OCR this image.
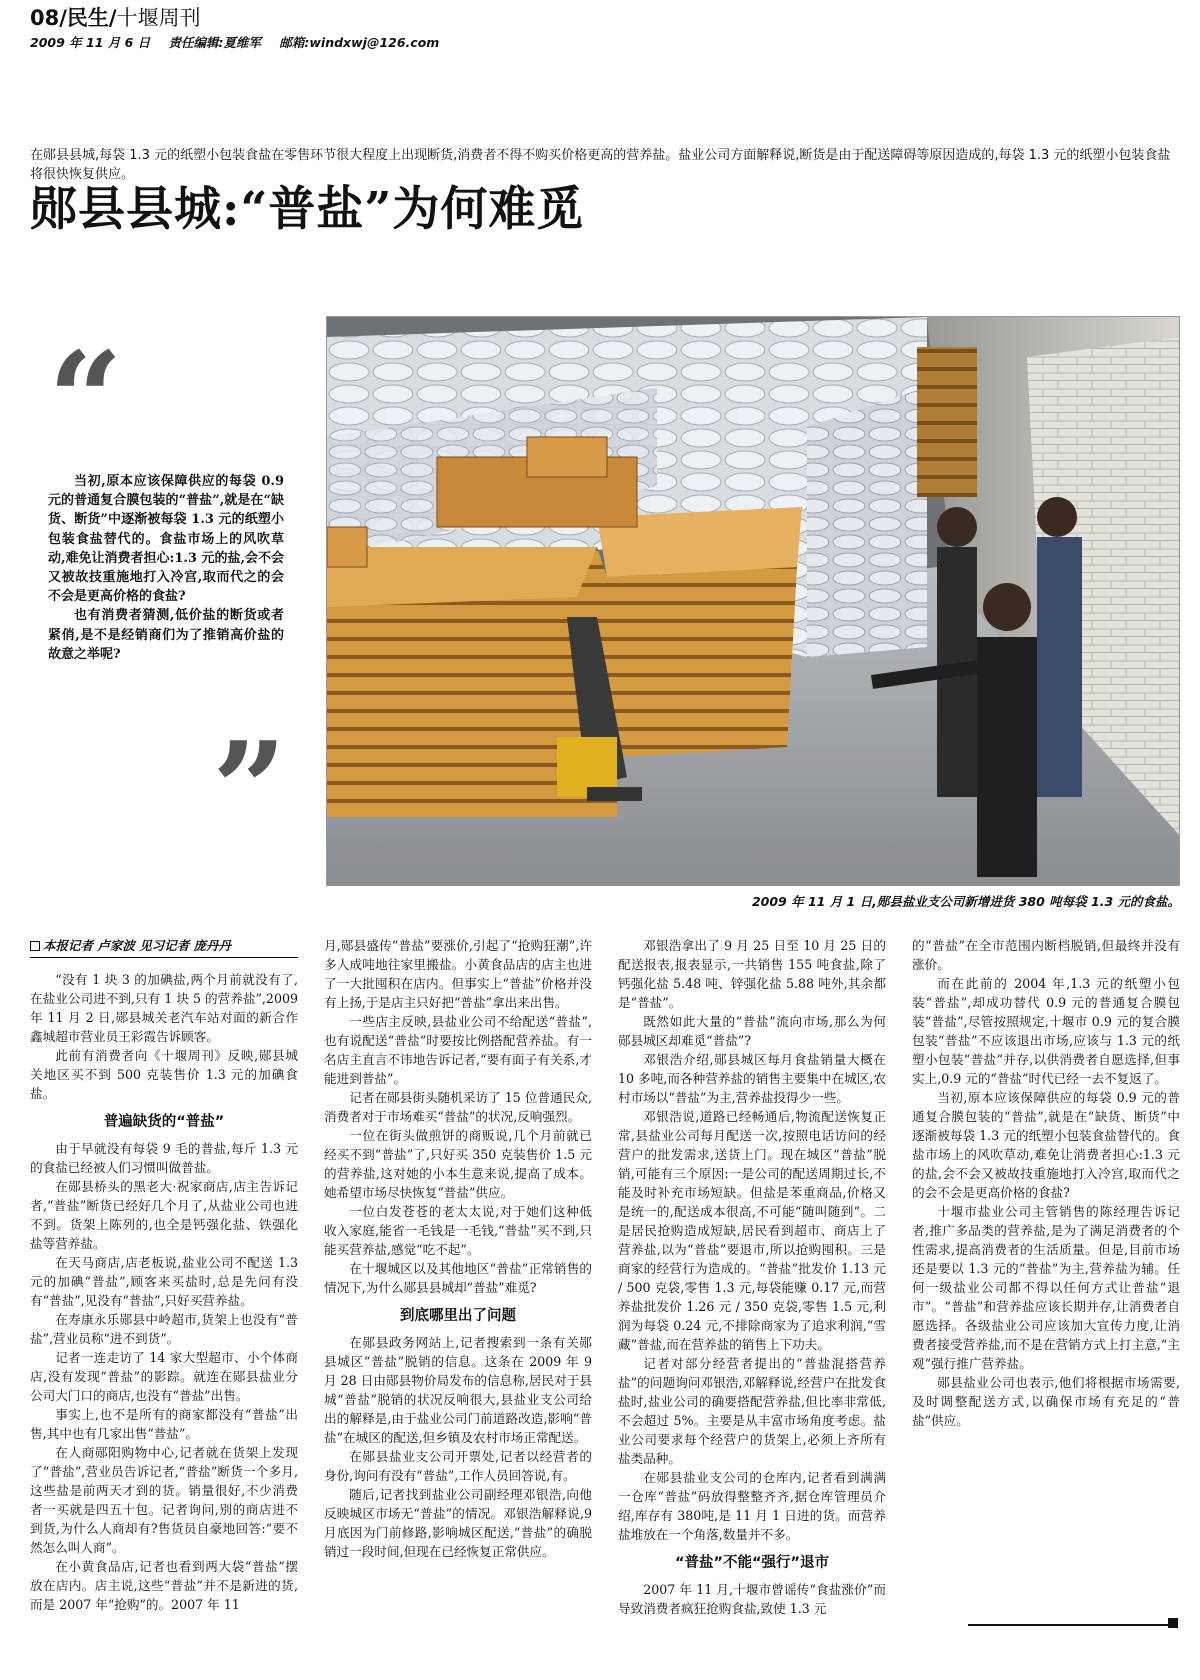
08/民生/十堰周刊
2009 年 11 月 6 日 责任编辑:夏维军 邮箱:windxwj@126.com
在郧县县城,每袋 1.3 元的纸塑小包装食盐在零售环节很大程度上出现断货,消费者不得不购买价格更高的营养盐。盐业公司方面解释说,断货是由于配送障碍等原因造成的,每袋 1.3 元的纸塑小包装食盐将很快恢复供应。
郧县县城:“普盐”为何难觅
“

当初,原本应该保障供应的每袋 0.9 元的普通复合膜包装的“普盐”,就是在“缺货、断货”中逐渐被每袋 1.3 元的纸塑小包装食盐替代的。食盐市场上的风吹草动,难免让消费者担心:1.3 元的盐,会不会又被故技重施地打入冷宫,取而代之的会不会是更高价格的食盐?

也有消费者猜测,低价盐的断货或者紧俏,是不是经销商们为了推销高价盐的故意之举呢?

”
2009 年 11 月 1 日,郧县盐业支公司新增进货 380 吨每袋 1.3 元的食盐。
本报记者 卢家波 见习记者 庞丹丹

“没有 1 块 3 的加碘盐,两个月前就没有了,在盐业公司进不到,只有 1 块 5 的营养盐”,2009 年 11 月 2 日,郧县城关老汽车站对面的新合作鑫城超市营业员王彩霞告诉顾客。

此前有消费者向《十堰周刊》反映,郧县城关地区买不到 500 克装售价 1.3 元的加碘食盐。

普遍缺货的“普盐”

由于早就没有每袋 9 毛的普盐,每斤 1.3 元的食盐已经被人们习惯叫做普盐。

在郧县桥头的黑老大·祝家商店,店主告诉记者,“普盐”断货已经好几个月了,从盐业公司也进不到。货架上陈列的,也全是钙强化盐、铁强化盐等营养盐。

在天马商店,店老板说,盐业公司不配送 1.3 元的加碘“普盐”,顾客来买盐时,总是先问有没有“普盐”,见没有“普盐”,只好买营养盐。

在寿康永乐郧县中岭超市,货架上也没有“普盐”,营业员称“进不到货”。

记者一连走访了 14 家大型超市、小个体商店,没有发现“普盐”的影踪。就连在郧县盐业分公司大门口的商店,也没有“普盐”出售。

事实上,也不是所有的商家都没有“普盐”出售,其中也有几家出售“普盐”。

在人商郧阳购物中心,记者就在货架上发现了“普盐”,营业员告诉记者,“普盐”断货一个多月,这些盐是前两天才到的货。销量很好,不少消费者一买就是四五十包。记者询问,别的商店进不到货,为什么人商却有?售货员自豪地回答:“要不然怎么叫人商”。

在小黄食品店,记者也看到两大袋“普盐”摆放在店内。店主说,这些“普盐”并不是新进的货,而是 2007 年“抢购”的。2007 年 11

月,郧县盛传“普盐”要涨价,引起了“抢购狂潮”,许多人成吨地往家里搬盐。小黄食品店的店主也进了一大批囤积在店内。但事实上“普盐”价格并没有上扬,于是店主只好把“普盐”拿出来出售。

一些店主反映,县盐业公司不给配送“普盐”,也有说配送“普盐”时要按比例搭配营养盐。有一名店主直言不讳地告诉记者,“要有面子有关系,才能进到普盐”。

记者在郧县街头随机采访了 15 位普通民众,消费者对于市场难买“普盐”的状况,反响强烈。

一位在街头做煎饼的商贩说,几个月前就已经买不到“普盐”了,只好买 350 克装售价 1.5 元的营养盐,这对她的小本生意来说,提高了成本。她希望市场尽快恢复“普盐”供应。

一位白发苍苍的老太太说,对于她们这种低收入家庭,能省一毛钱是一毛钱,“普盐”买不到,只能买营养盐,感觉“吃不起”。

在十堰城区以及其他地区“普盐”正常销售的情况下,为什么郧县县城却“普盐”难觅?

到底哪里出了问题

在郧县政务网站上,记者搜索到一条有关郧县城区“普盐”脱销的信息。这条在 2009 年 9 月 28 日由郧县物价局发布的信息称,居民对于县城“普盐”脱销的状况反响很大,县盐业支公司给出的解释是,由于盐业公司门前道路改造,影响“普盐”在城区的配送,但乡镇及农村市场正常配送。

在郧县盐业支公司开票处,记者以经营者的身份,询问有没有“普盐”,工作人员回答说,有。

随后,记者找到盐业公司副经理邓银浩,向他反映城区市场无“普盐”的情况。邓银浩解释说,9 月底因为门前修路,影响城区配送,“普盐”的确脱销过一段时间,但现在已经恢复正常供应。

邓银浩拿出了 9 月 25 日至 10 月 25 日的配送报表,报表显示,一共销售 155 吨食盐,除了钙强化盐 5.48 吨、锌强化盐 5.88 吨外,其余都是“普盐”。

既然如此大量的“普盐”流向市场,那么为何郧县城区却难觅“普盐”?

邓银浩介绍,郧县城区每月食盐销量大概在 10 多吨,而各种营养盐的销售主要集中在城区,农村市场以“普盐”为主,营养盐投得少一些。

邓银浩说,道路已经畅通后,物流配送恢复正常,县盐业公司每月配送一次,按照电话访问的经营户的批发需求,送货上门。现在城区“普盐”脱销,可能有三个原因:一是公司的配送周期过长,不能及时补充市场短缺。但盐是苯重商品,价格又是统一的,配送成本很高,不可能“随叫随到”。二是居民抢购造成短缺,居民看到超市、商店上了营养盐,以为“普盐”要退市,所以抢购囤积。三是商家的经营行为造成的。“普盐”批发价 1.13 元 / 500 克袋,零售 1.3 元,每袋能赚 0.17 元,而营养盐批发价 1.26 元 / 350 克袋,零售 1.5 元,利润为每袋 0.24 元,不排除商家为了追求利润,“雪藏”普盐,而在营养盐的销售上下功夫。

记者对部分经营者提出的“普盐混搭营养盐”的问题询问邓银浩,邓解释说,经营户在批发食盐时,盐业公司的确要搭配营养盐,但比率非常低,不会超过 5%。主要是从丰富市场角度考虑。盐业公司要求每个经营户的货架上,必须上齐所有盐类品种。

在郧县盐业支公司的仓库内,记者看到满满一仓库“普盐”码放得整整齐齐,据仓库管理员介绍,库存有 380吨,是 11 月 1 日进的货。而营养盐堆放在一个角落,数量并不多。

“普盐”不能“强行”退市

2007 年 11 月,十堰市曾谣传“食盐涨价”而导致消费者疯狂抢购食盐,致使 1.3 元

的“普盐”在全市范围内断档脱销,但最终并没有涨价。

而在此前的 2004 年,1.3 元的纸塑小包装“普盐”,却成功替代 0.9 元的普通复合膜包装“普盐”,尽管按照规定,十堰市 0.9 元的复合膜包装“普盐”不应该退出市场,应该与 1.3 元的纸塑小包装“普盐”并存,以供消费者自愿选择,但事实上,0.9 元的“普盐”时代已经一去不复返了。

当初,原本应该保障供应的每袋 0.9 元的普通复合膜包装的“普盐”,就是在“缺货、断货”中逐渐被每袋 1.3 元的纸塑小包装食盐替代的。食盐市场上的风吹草动,难免让消费者担心:1.3 元的盐,会不会又被故技重施地打入冷宫,取而代之的会不会是更高价格的食盐?

十堰市盐业公司主管销售的陈经理告诉记者,推广多品类的营养盐,是为了满足消费者的个性需求,提高消费者的生活质量。但是,目前市场还是要以 1.3 元的“普盐”为主,营养盐为辅。任何一级盐业公司都不得以任何方式让普盐“退市”。“普盐”和营养盐应该长期并存,让消费者自愿选择。各级盐业公司应该加大宣传力度,让消费者接受营养盐,而不是在营销方式上打主意,“主观”强行推广营养盐。

郧县盐业公司也表示,他们将根据市场需要,及时调整配送方式,以确保市场有充足的“普盐”供应。
